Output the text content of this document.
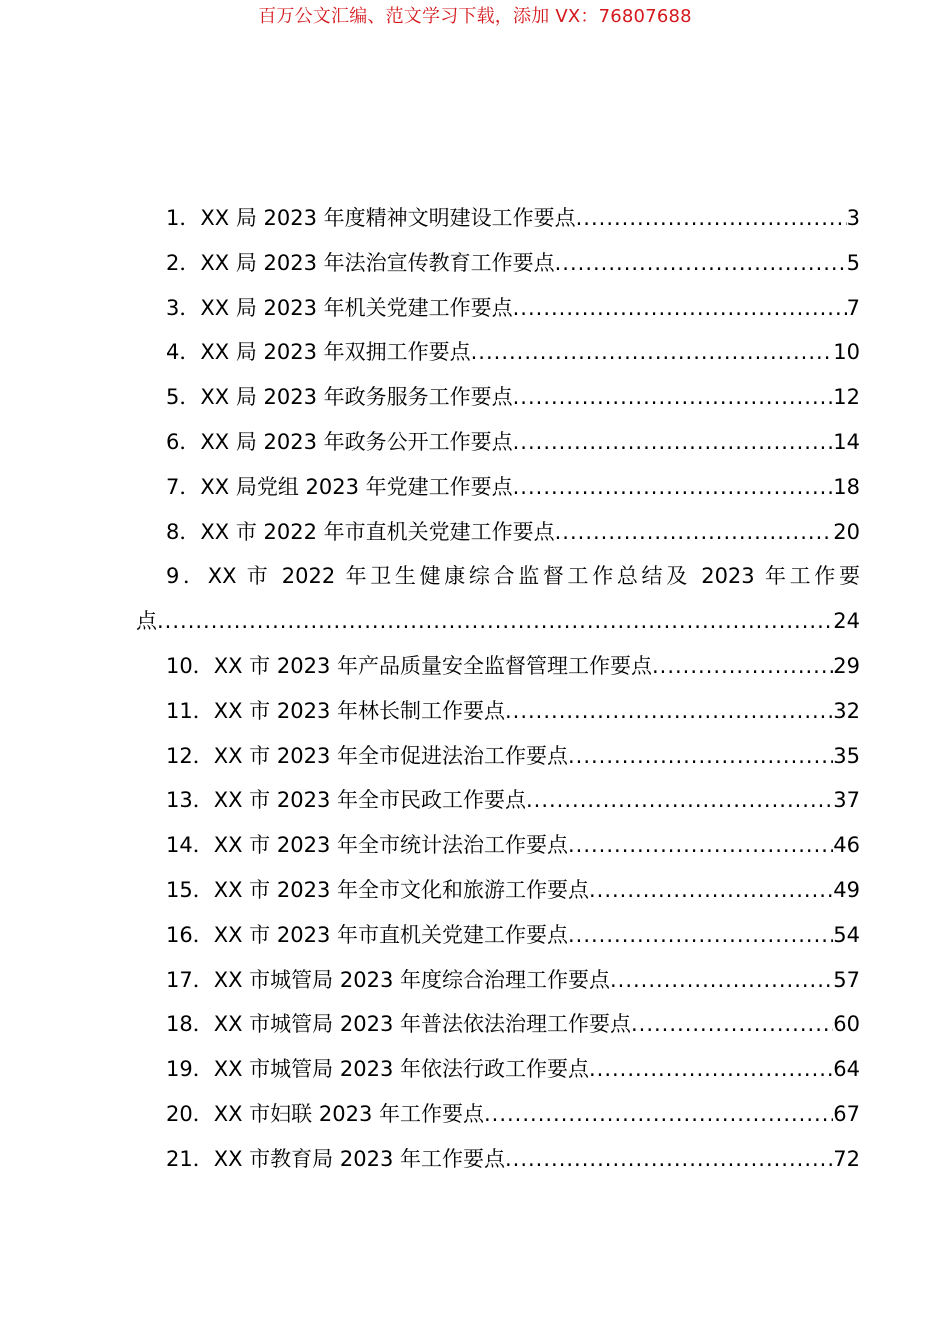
百万公文汇编、范文学习下载，添加 VX：76807688
1． XX 局 2023 年度精神文明建设工作要点 .....	3
2． XX 局 2023 年法治宣传教育工作要点 .....	5
3． XX 局 2023 年机关党建工作要点 .....	7
4． XX 局 2023 年双拥工作要点 .....	10
5． XX 局 2023 年政务服务工作要点 .....	12
6． XX 局 2023 年政务公开工作要点 .....	14
7． XX 局党组 2023 年党建工作要点 .....	18
8． XX 市 2022 年市直机关党建工作要点 .....	20
9．XX 市 2022 年卫生健康综合监督工作总结及 2023 年工作要
点 .....	24
10． XX 市 2023 年产品质量安全监督管理工作要点 .....	29
11． XX 市 2023 年林长制工作要点 .....	32
12． XX 市 2023 年全市促进法治工作要点 .....	35
13． XX 市 2023 年全市民政工作要点 .....	37
14． XX 市 2023 年全市统计法治工作要点 .....	46
15． XX 市 2023 年全市文化和旅游工作要点 .....	49
16． XX 市 2023 年市直机关党建工作要点 .....	54
17． XX 市城管局 2023 年度综合治理工作要点 .....	57
18． XX 市城管局 2023 年普法依法治理工作要点 .....	60
19． XX 市城管局 2023 年依法行政工作要点 .....	64
20． XX 市妇联 2023 年工作要点 .....	67
21． XX 市教育局 2023 年工作要点 .....	72
